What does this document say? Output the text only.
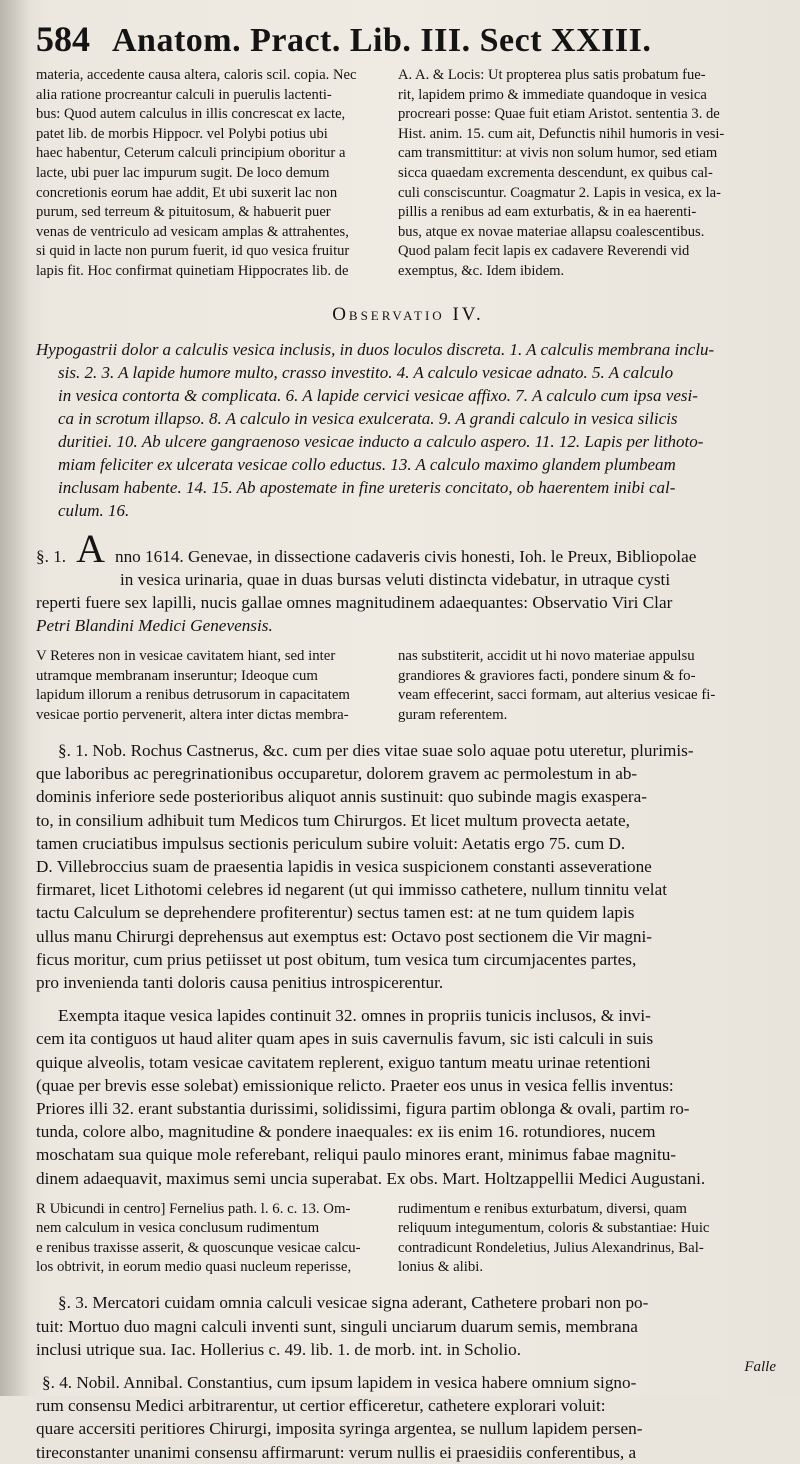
584 Anatom. Pract. Lib. III. Sect XXIII.
materia, accedente causa altera, caloris scil. copia. Nec
alia ratione procreantur calculi in puerulis lactenti-
bus: Quod autem calculus in illis concrescat ex lacte,
patet lib. de morbis Hippocr. vel Polybi potius ubi
haec habentur, Ceterum calculi principium oboritur a
lacte, ubi puer lac impurum sugit. De loco demum
concretionis eorum hae addit, Et ubi suxerit lac non
purum, sed terreum & pituitosum, & habuerit puer
venas de ventriculo ad vesicam amplas & attrahentes,
si quid in lacte non purum fuerit, id quo vesica fruitur
lapis fit. Hoc confirmat quinetiam Hippocrates lib. de
A. A. & Locis: Ut propterea plus satis probatum fue-
rit, lapidem primo & immediate quandoque in vesica
procreari posse: Quae fuit etiam Aristot. sententia 3. de
Hist. anim. 15. cum ait, Defunctis nihil humoris in vesi-
cam transmittitur: at vivis non solum humor, sed etiam
sicca quaedam excrementa descendunt, ex quibus cal-
culi consciscuntur. Coagmatur 2. Lapis in vesica, ex la-
pillis a renibus ad eam exturbatis, & in ea haerenti-
bus, atque ex novae materiae allapsu coalescentibus.
Quod palam fecit lapis ex cadavere Reverendi vid
exemptus, &c. Idem ibidem.
Observatio IV.
Hypogastrii dolor a calculis vesica inclusis, in duos loculos discreta. 1. A calculis membrana inclu-
sis. 2. 3. A lapide humore multo, crasso investito. 4. A calculo vesicae adnato. 5. A calculo
in vesica contorta & complicata. 6. A lapide cervici vesicae affixo. 7. A calculo cum ipsa vesi-
ca in scrotum illapso. 8. A calculo in vesica exulcerata. 9. A grandi calculo in vesica silicis
duritiei. 10. Ab ulcere gangraenoso vesicae inducto a calculo aspero. 11. 12. Lapis per lithoto-
miam feliciter ex ulcerata vesicae collo eductus. 13. A calculo maximo glandem plumbeam
inclusam habente. 14. 15. Ab apostemate in fine ureteris concitato, ob haerentem inibi cal-
culum. 16.
§. 1. A nno 1614. Genevae, in dissectione cadaveris civis honesti, Ioh. le Preux, Bibliopolae
in vesica urinaria, quae in duas bursas veluti distincta videbatur, in utraque cysti
reperti fuere sex lapilli, nucis gallae omnes magnitudinem adaequantes: Observatio Viri Clar
Petri Blandini Medici Genevensis.
V Reteres non in vesicae cavitatem hiant, sed inter
utramque membranam inseruntur; Ideoque cum
lapidum illorum a renibus detrusorum in capacitatem
vesicae portio pervenerit, altera inter dictas membra-
nas substiterit, accidit ut hi novo materiae appulsu
grandiores & graviores facti, pondere sinum & fo-
veam effecerint, sacci formam, aut alterius vesicae fi-
guram referentem.
§. 1. Nob. Rochus Castnerus, &c. cum per dies vitae suae solo aquae potu uteretur, plurimis-
que laboribus ac peregrinationibus occuparetur, dolorem gravem ac permolestum in ab-
dominis inferiore sede posterioribus aliquot annis sustinuit: quo subinde magis exaspera-
to, in consilium adhibuit tum Medicos tum Chirurgos. Et licet multum provecta aetate,
tamen cruciatibus impulsus sectionis periculum subire voluit: Aetatis ergo 75. cum D.
D. Villebroccius suam de praesentia lapidis in vesica suspicionem constanti asseveratione
firmaret, licet Lithotomi celebres id negarent (ut qui immisso cathetere, nullum tinnitu velat
tactu Calculum se deprehendere profiterentur) sectus tamen est: at ne tum quidem lapis
ullus manu Chirurgi deprehensus aut exemptus est: Octavo post sectionem die Vir magni-
ficus moritur, cum prius petiisset ut post obitum, tum vesica tum circumjacentes partes,
pro invenienda tanti doloris causa penitius introspicerentur.
Exempta itaque vesica lapides continuit 32. omnes in propriis tunicis inclusos, & invi-
cem ita contiguos ut haud aliter quam apes in suis cavernulis favum, sic isti calculi in suis
quique alveolis, totam vesicae cavitatem replerent, exiguo tantum meatu urinae retentioni
(quae per brevis esse solebat) emissionique relicto. Praeter eos unus in vesica fellis inventus:
Priores illi 32. erant substantia durissimi, solidissimi, figura partim oblonga & ovali, partim ro-
tunda, colore albo, magnitudine & pondere inaequales: ex iis enim 16. rotundiores, nucem
moschatam sua quique mole referebant, reliqui paulo minores erant, minimus fabae magnitu-
dinem adaequavit, maximus semi uncia superabat. Ex obs. Mart. Holtzappellii Medici Augustani.
R Ubicundi in centro] Fernelius path. l. 6. c. 13. Om-
nem calculum in vesica conclusum rudimentum
e renibus traxisse asserit, & quoscunque vesicae calcu-
los obtrivit, in eorum medio quasi nucleum reperisse,
rudimentum e renibus exturbatum, diversi, quam
reliquum integumentum, coloris & substantiae: Huic
contradicunt Rondeletius, Julius Alexandrinus, Bal-
lonius & alibi.
§. 3. Mercatori cuidam omnia calculi vesicae signa aderant, Cathetere probari non po-
tuit: Mortuo duo magni calculi inventi sunt, singuli unciarum duarum semis, membrana
inclusi utrique sua. Iac. Hollerius c. 49. lib. 1. de morb. int. in Scholio.
§. 4. Nobil. Annibal. Constantius, cum ipsum lapidem in vesica habere omnium signo-
rum consensu Medici arbitrarentur, ut certior efficeretur, cathetere explorari voluit:
quare accersiti peritiores Chirurgi, imposita syringa argentea, se nullum lapidem persen-
tireconstanter unanimi consensu affirmarunt: verum nullis ei praesidiis conferentibus, a
Falle
